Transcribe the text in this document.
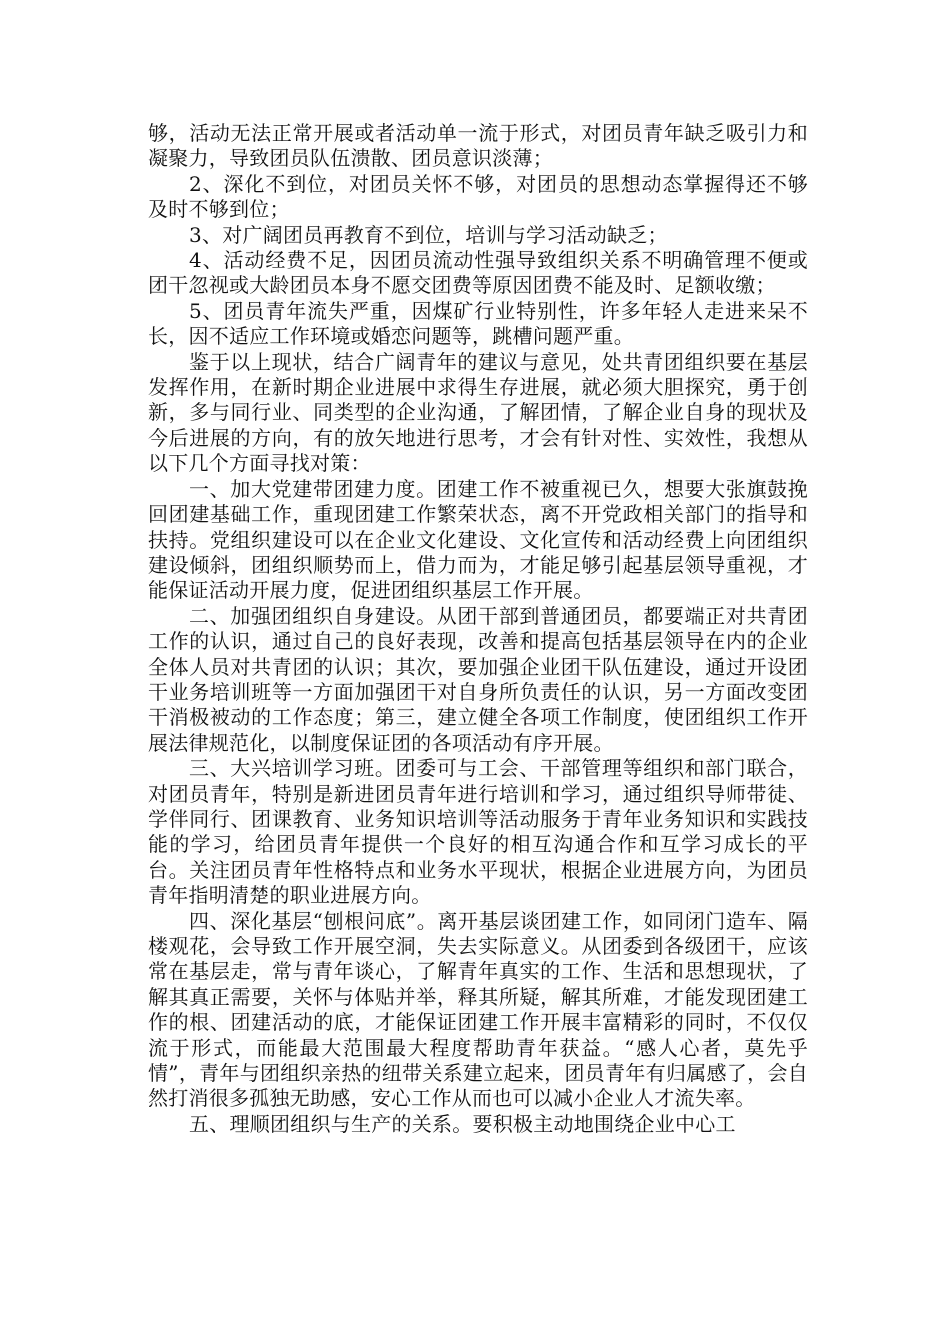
够，活动无法正常开展或者活动单一流于形式，对团员青年缺乏吸引力和凝聚力，导致团员队伍溃散、团员意识淡薄；

2、深化不到位，对团员关怀不够，对团员的思想动态掌握得还不够及时不够到位；

3、对广阔团员再教育不到位，培训与学习活动缺乏；

4、活动经费不足，因团员流动性强导致组织关系不明确管理不便或团干忽视或大龄团员本身不愿交团费等原因团费不能及时、足额收缴；

5、团员青年流失严重，因煤矿行业特别性，许多年轻人走进来呆不长，因不适应工作环境或婚恋问题等，跳槽问题严重。

鉴于以上现状，结合广阔青年的建议与意见，处共青团组织要在基层发挥作用，在新时期企业进展中求得生存进展，就必须大胆探究，勇于创新，多与同行业、同类型的企业沟通，了解团情，了解企业自身的现状及今后进展的方向，有的放矢地进行思考，才会有针对性、实效性，我想从以下几个方面寻找对策：

一、加大党建带团建力度。团建工作不被重视已久，想要大张旗鼓挽回团建基础工作，重现团建工作繁荣状态，离不开党政相关部门的指导和扶持。党组织建设可以在企业文化建设、文化宣传和活动经费上向团组织建设倾斜，团组织顺势而上，借力而为，才能足够引起基层领导重视，才能保证活动开展力度，促进团组织基层工作开展。

二、加强团组织自身建设。从团干部到普通团员，都要端正对共青团工作的认识，通过自己的良好表现，改善和提高包括基层领导在内的企业全体人员对共青团的认识；其次，要加强企业团干队伍建设，通过开设团干业务培训班等一方面加强团干对自身所负责任的认识，另一方面改变团干消极被动的工作态度；第三，建立健全各项工作制度，使团组织工作开展法律规范化，以制度保证团的各项活动有序开展。

三、大兴培训学习班。团委可与工会、干部管理等组织和部门联合，对团员青年，特别是新进团员青年进行培训和学习，通过组织导师带徒、学伴同行、团课教育、业务知识培训等活动服务于青年业务知识和实践技能的学习，给团员青年提供一个良好的相互沟通合作和互学习成长的平台。关注团员青年性格特点和业务水平现状，根据企业进展方向，为团员青年指明清楚的职业进展方向。

四、深化基层“刨根问底”。离开基层谈团建工作，如同闭门造车、隔楼观花，会导致工作开展空洞，失去实际意义。从团委到各级团干，应该常在基层走，常与青年谈心，了解青年真实的工作、生活和思想现状，了解其真正需要，关怀与体贴并举，释其所疑，解其所难，才能发现团建工作的根、团建活动的底，才能保证团建工作开展丰富精彩的同时，不仅仅流于形式，而能最大范围最大程度帮助青年获益。“感人心者，莫先乎情”，青年与团组织亲热的纽带关系建立起来，团员青年有归属感了，会自然打消很多孤独无助感，安心工作从而也可以减小企业人才流失率。

五、理顺团组织与生产的关系。要积极主动地围绕企业中心工
